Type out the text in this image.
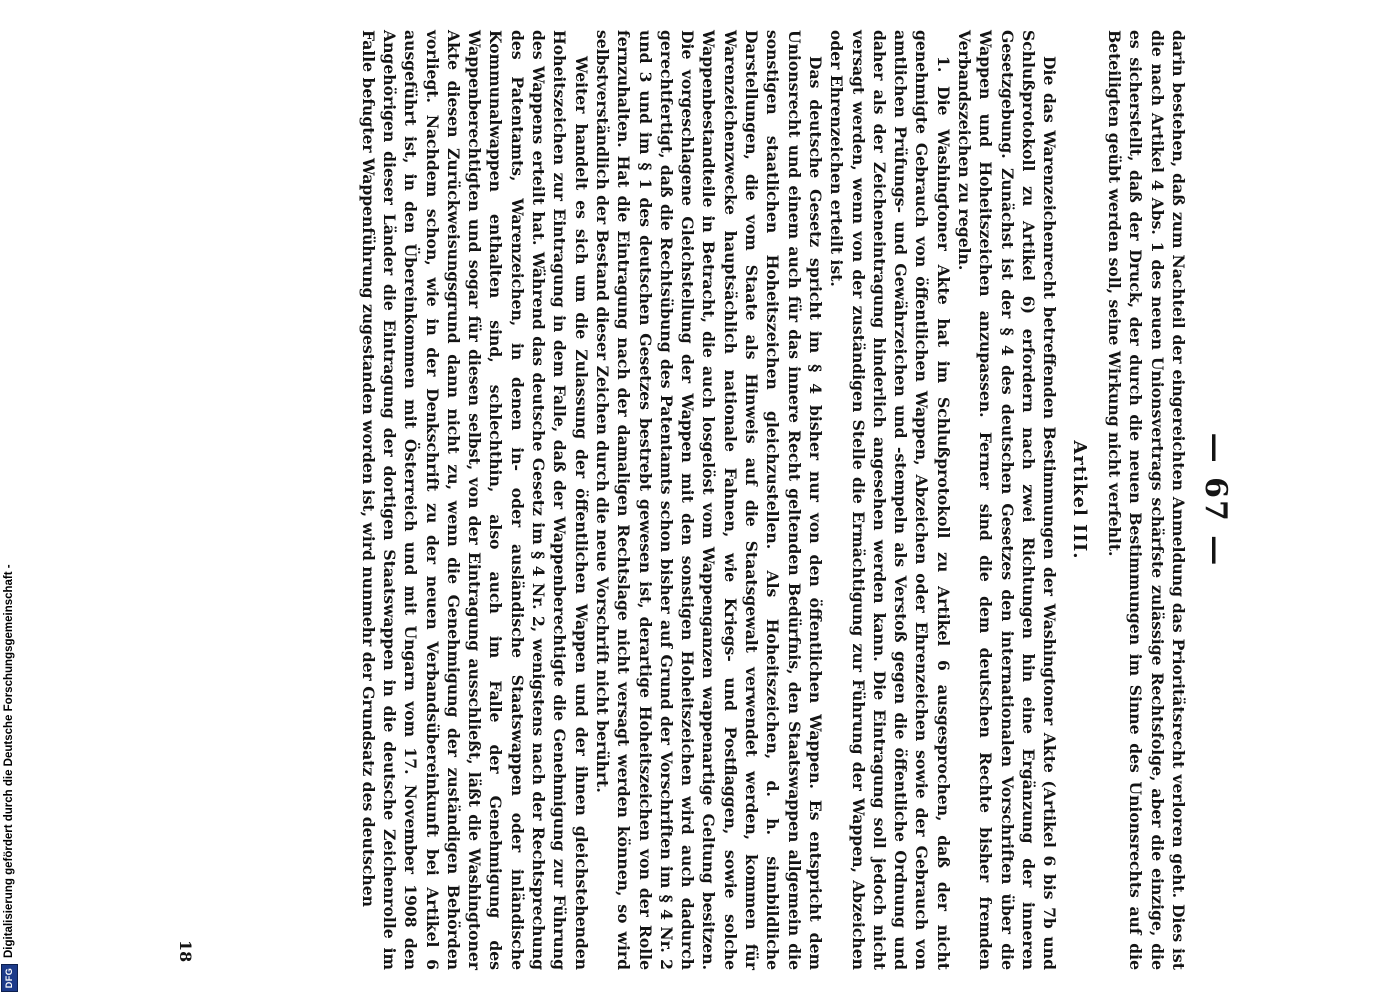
— 67 —

darin bestehen, daß zum Nachteil der eingereichten Anmeldung das Prioritätsrecht verloren geht. Dies ist die nach Artikel 4 Abs. 1 des neuen Unionsvertrags schärfste zulässige Rechtsfolge, aber die einzige, die es sicherstellt, daß der Druck, der durch die neuen Bestimmungen im Sinne des Unionsrechts auf die Beteiligten geübt werden soll, seine Wirkung nicht verfehlt.

Artikel III.

Die das Warenzeichenrecht betreffenden Bestimmungen der Washingtoner Akte (Artikel 6 bis 7b und Schlußprotokoll zu Artikel 6) erfordern nach zwei Richtungen hin eine Ergänzung der inneren Gesetzgebung. Zunächst ist der § 4 des deutschen Gesetzes den internationalen Vorschriften über die Wappen und Hoheitszeichen anzupassen. Ferner sind die dem deutschen Rechte bisher fremden Verbandszeichen zu regeln.

1. Die Washingtoner Akte hat im Schlußprotokoll zu Artikel 6 ausgesprochen, daß der nicht genehmigte Gebrauch von öffentlichen Wappen, Abzeichen oder Ehrenzeichen sowie der Gebrauch von amtlichen Prüfungs- und Gewährzeichen und -stempeln als Verstoß gegen die öffentliche Ordnung und daher als der Zeicheneintragung hinderlich angesehen werden kann. Die Eintragung soll jedoch nicht versagt werden, wenn von der zuständigen Stelle die Ermächtigung zur Führung der Wappen, Abzeichen oder Ehrenzeichen erteilt ist.

Das deutsche Gesetz spricht im § 4 bisher nur von den öffentlichen Wappen. Es entspricht dem Unionsrecht und einem auch für das innere Recht geltenden Bedürfnis, den Staatswappen allgemein die sonstigen staatlichen Hoheitszeichen gleichzustellen. Als Hoheitszeichen, d. h. sinnbildliche Darstellungen, die vom Staate als Hinweis auf die Staatsgewalt verwendet werden, kommen für Warenzeichenzwecke hauptsächlich nationale Fahnen, wie Kriegs- und Postflaggen, sowie solche Wappenbestandteile in Betracht, die auch losgelöst vom Wappenganzen wappenartige Geltung besitzen. Die vorgeschlagene Gleichstellung der Wappen mit den sonstigen Hoheitszeichen wird auch dadurch gerechtfertigt, daß die Rechtsübung des Patentamts schon bisher auf Grund der Vorschriften im § 4 Nr. 2 und 3 und im § 1 des deutschen Gesetzes bestrebt gewesen ist, derartige Hoheitszeichen von der Rolle fernzuhalten. Hat die Eintragung nach der damaligen Rechtslage nicht versagt werden können, so wird selbstverständlich der Bestand dieser Zeichen durch die neue Vorschrift nicht berührt.

Weiter handelt es sich um die Zulassung der öffentlichen Wappen und der ihnen gleichstehenden Hoheitszeichen zur Eintragung in dem Falle, daß der Wappenberechtigte die Genehmigung zur Führung des Wappens erteilt hat. Während das deutsche Gesetz im § 4 Nr. 2, wenigstens nach der Rechtsprechung des Patentamts, Warenzeichen, in denen in- oder ausländische Staatswappen oder inländische Kommunalwappen enthalten sind, schlechthin, also auch im Falle der Genehmigung des Wappenberechtigten und sogar für diesen selbst, von der Eintragung ausschließt, läßt die Washingtoner Akte diesen Zurückweisungsgrund dann nicht zu, wenn die Genehmigung der zuständigen Behörden vorliegt. Nachdem schon, wie in der Denkschrift zu der neuen Verbandsübereinkunft bei Artikel 6 ausgeführt ist, in den Übereinkommen mit Österreich und mit Ungarn vom 17. November 1908 den Angehörigen dieser Länder die Eintragung der dortigen Staatswappen in die deutsche Zeichenrolle im Falle befugter Wappenführung zugestanden worden ist, wird nunmehr der Grundsatz des deutschen

18
DFG
Digitalisierung gefördert durch die Deutsche Forschungsgemeinschaft -
